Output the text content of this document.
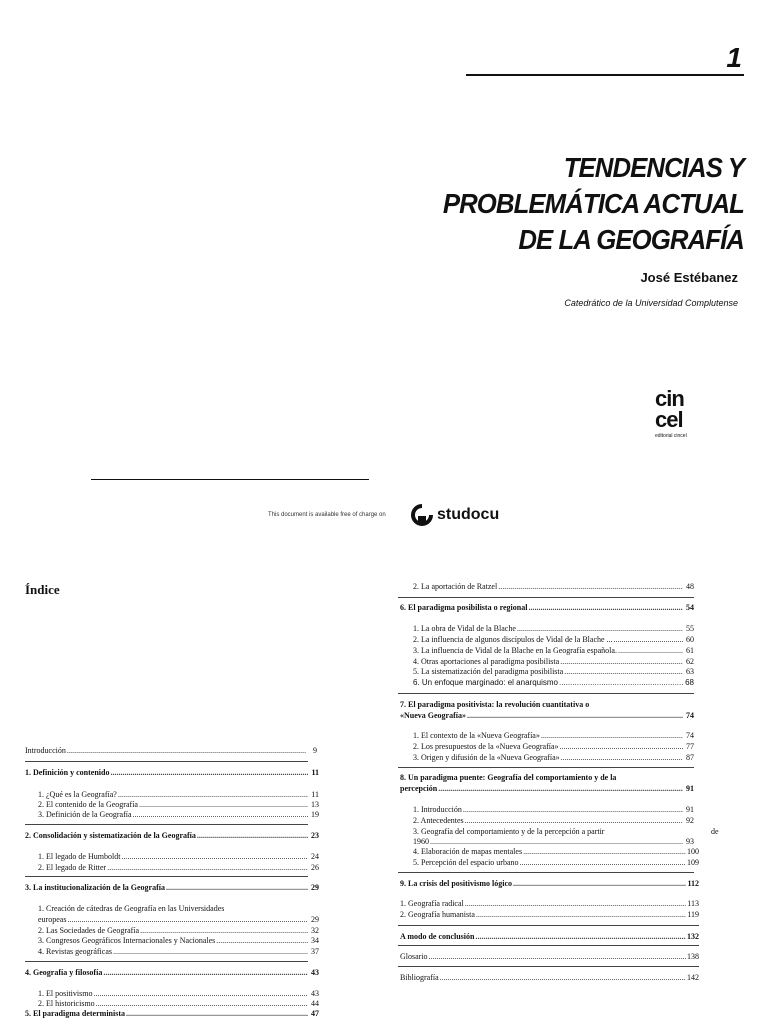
1
TENDENCIAS Y
PROBLEMÁTICA ACTUAL
DE LA GEOGRAFÍA
José Estébanez
Catedrático de la Universidad Complutense
cin
cel
editorial cincel
This document is available free of charge on	studocu
Índice
Introducción .....	9
1. Definición y contenido .....	11
1. ¿Qué es la Geografía? .....	11
2. El contenido de la Geografía .....	13
3. Definición de la Geografía .....	19
2. Consolidación y sistematización de la Geografía .....	23
1. El legado de Humboldt .....	24
2. El legado de Ritter .....	26
3. La institucionalización de la Geografía .....	29
1. Creación de cátedras de Geografía en las Universidades
europeas .....	29
2. Las Sociedades de Geografía .....	32
3. Congresos Geográficos Internacionales y Nacionales .....	34
4. Revistas geográficas .....	37
4. Geografía y filosofía .....	43
1. El positivismo .....	43
2. El historicismo .....	44
5. El paradigma determinista .....	47
2. La aportación de Ratzel .....	48
6. El paradigma posibilista o regional .....	54
1. La obra de Vidal de la Blache .....	55
2. La influencia de algunos discípulos de Vidal de la Blache ... .....	60
3. La influencia de Vidal de la Blache en la Geografía española. .....	61
4. Otras aportaciones al paradigma posibilista .....	62
5. La sistematización del paradigma posibilista .....	63
6. Un enfoque marginado: el anarquismo .....	68
7. El paradigma positivista: la revolución cuantitativa o
«Nueva Geografía» .....	74
1. El contexto de la «Nueva Geografía» .....	74
2. Los presupuestos de la «Nueva Geografía» .....	77
3. Origen y difusión de la «Nueva Geografía» .....	87
8. Un paradigma puente: Geografía del comportamiento y de la
percepción .....	91
1. Introducción .....	91
2. Antecedentes .....	92
3. Geografía del comportamiento y de la percepción a partir	de
1960 .....	93
4. Elaboración de mapas mentales .....	100
5. Percepción del espacio urbano .....	109
9. La crisis del positivismo lógico .....	112
1. Geografía radical .....	113
2. Geografía humanista .....	119
A modo de conclusión .....	132
Glosario .....	138
Bibliografía .....	142
